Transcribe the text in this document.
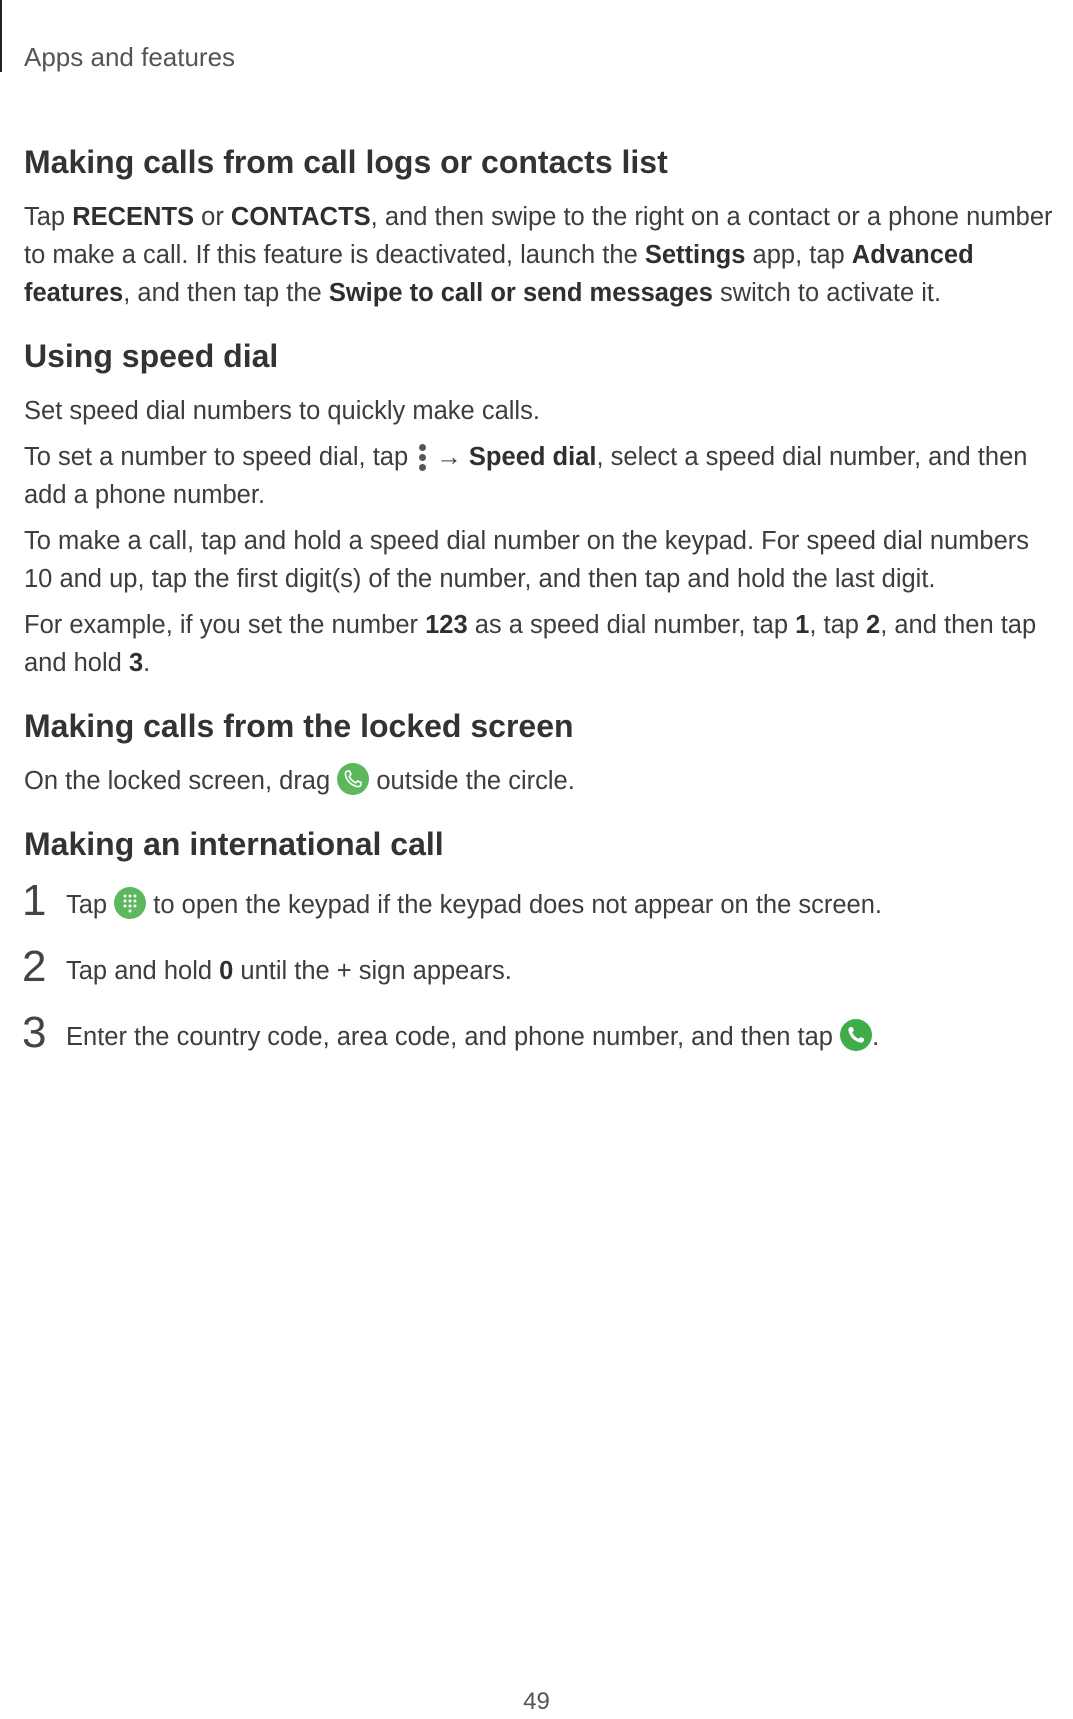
Apps and features
Making calls from call logs or contacts list

Tap RECENTS or CONTACTS, and then swipe to the right on a contact or a phone number to make a call. If this feature is deactivated, launch the Settings app, tap Advanced features, and then tap the Swipe to call or send messages switch to activate it.

Using speed dial

Set speed dial numbers to quickly make calls.

To set a number to speed dial, tap
→ Speed dial, select a speed dial number, and then add a phone number.

To make a call, tap and hold a speed dial number on the keypad. For speed dial numbers 10 and up, tap the first digit(s) of the number, and then tap and hold the last digit.

For example, if you set the number 123 as a speed dial number, tap 1, tap 2, and then tap and hold 3.

Making calls from the locked screen

On the locked screen, drag
outside the circle.

Making an international call
1 Tap
to open the keypad if the keypad does not appear on the screen.
2 Tap and hold 0 until the + sign appears.
3 Enter the country code, area code, and phone number, and then tap
.
49
